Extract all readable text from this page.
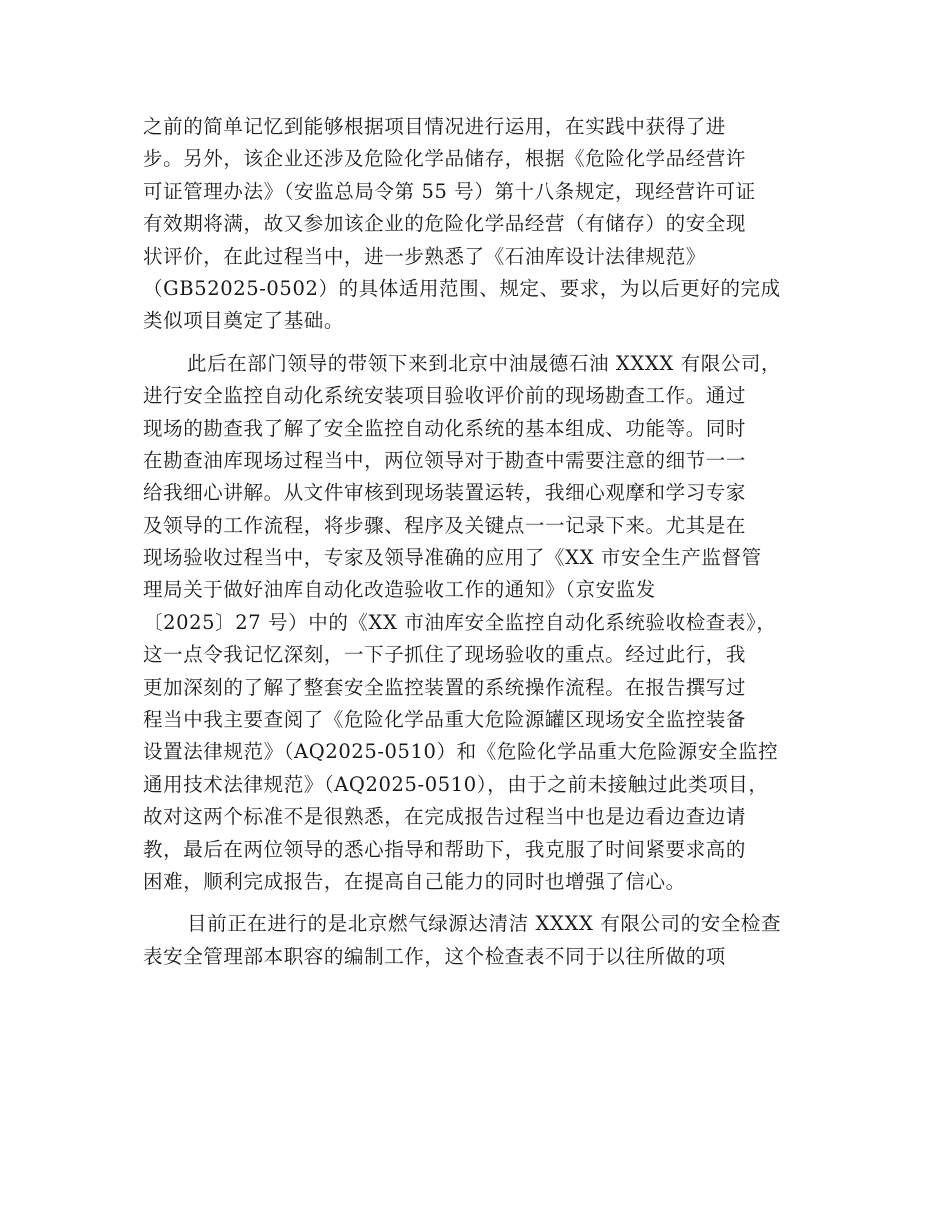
之前的简单记忆到能够根据项目情况进行运用，在实践中获得了进
步。另外，该企业还涉及危险化学品储存，根据《危险化学品经营许
可证管理办法》（安监总局令第 55 号）第十八条规定，现经营许可证
有效期将满，故又参加该企业的危险化学品经营（有储存）的安全现
状评价，在此过程当中，进一步熟悉了《石油库设计法律规范》
（GB52025-0502）的具体适用范围、规定、要求，为以后更好的完成
类似项目奠定了基础。
此后在部门领导的带领下来到北京中油晟德石油 XXXX 有限公司，
进行安全监控自动化系统安装项目验收评价前的现场勘查工作。通过
现场的勘查我了解了安全监控自动化系统的基本组成、功能等。同时
在勘查油库现场过程当中，两位领导对于勘查中需要注意的细节一一
给我细心讲解。从文件审核到现场装置运转，我细心观摩和学习专家
及领导的工作流程，将步骤、程序及关键点一一记录下来。尤其是在
现场验收过程当中，专家及领导准确的应用了《XX 市安全生产监督管
理局关于做好油库自动化改造验收工作的通知》（京安监发
〔2025〕27 号）中的《XX 市油库安全监控自动化系统验收检查表》，
这一点令我记忆深刻，一下子抓住了现场验收的重点。经过此行，我
更加深刻的了解了整套安全监控装置的系统操作流程。在报告撰写过
程当中我主要查阅了《危险化学品重大危险源罐区现场安全监控装备
设置法律规范》（AQ2025-0510）和《危险化学品重大危险源安全监控
通用技术法律规范》（AQ2025-0510），由于之前未接触过此类项目，
故对这两个标准不是很熟悉，在完成报告过程当中也是边看边查边请
教，最后在两位领导的悉心指导和帮助下，我克服了时间紧要求高的
困难，顺利完成报告，在提高自己能力的同时也增强了信心。
目前正在进行的是北京燃气绿源达清洁 XXXX 有限公司的安全检查
表安全管理部本职容的编制工作，这个检查表不同于以往所做的项
